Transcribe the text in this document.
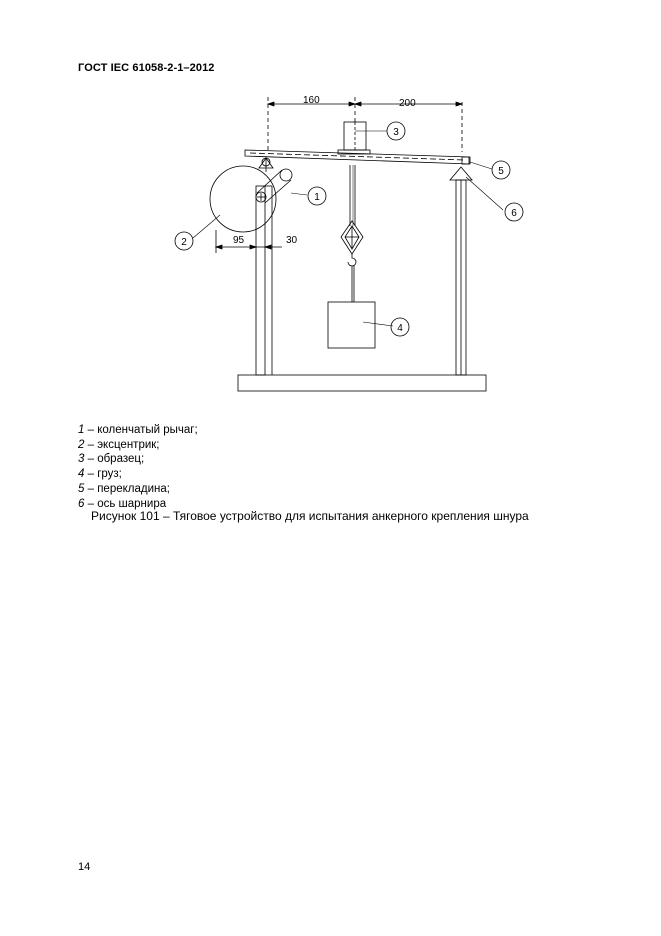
ГОСТ IEC 61058-2-1–2012
160	200
95	30
1
2
3
4
5
6
1 – коленчатый рычаг;
2 – эксцентрик;
3 – образец;
4 – груз;
5 – перекладина;
6 – ось шарнира
Рисунок 101 – Тяговое устройство для испытания анкерного крепления шнура
14
